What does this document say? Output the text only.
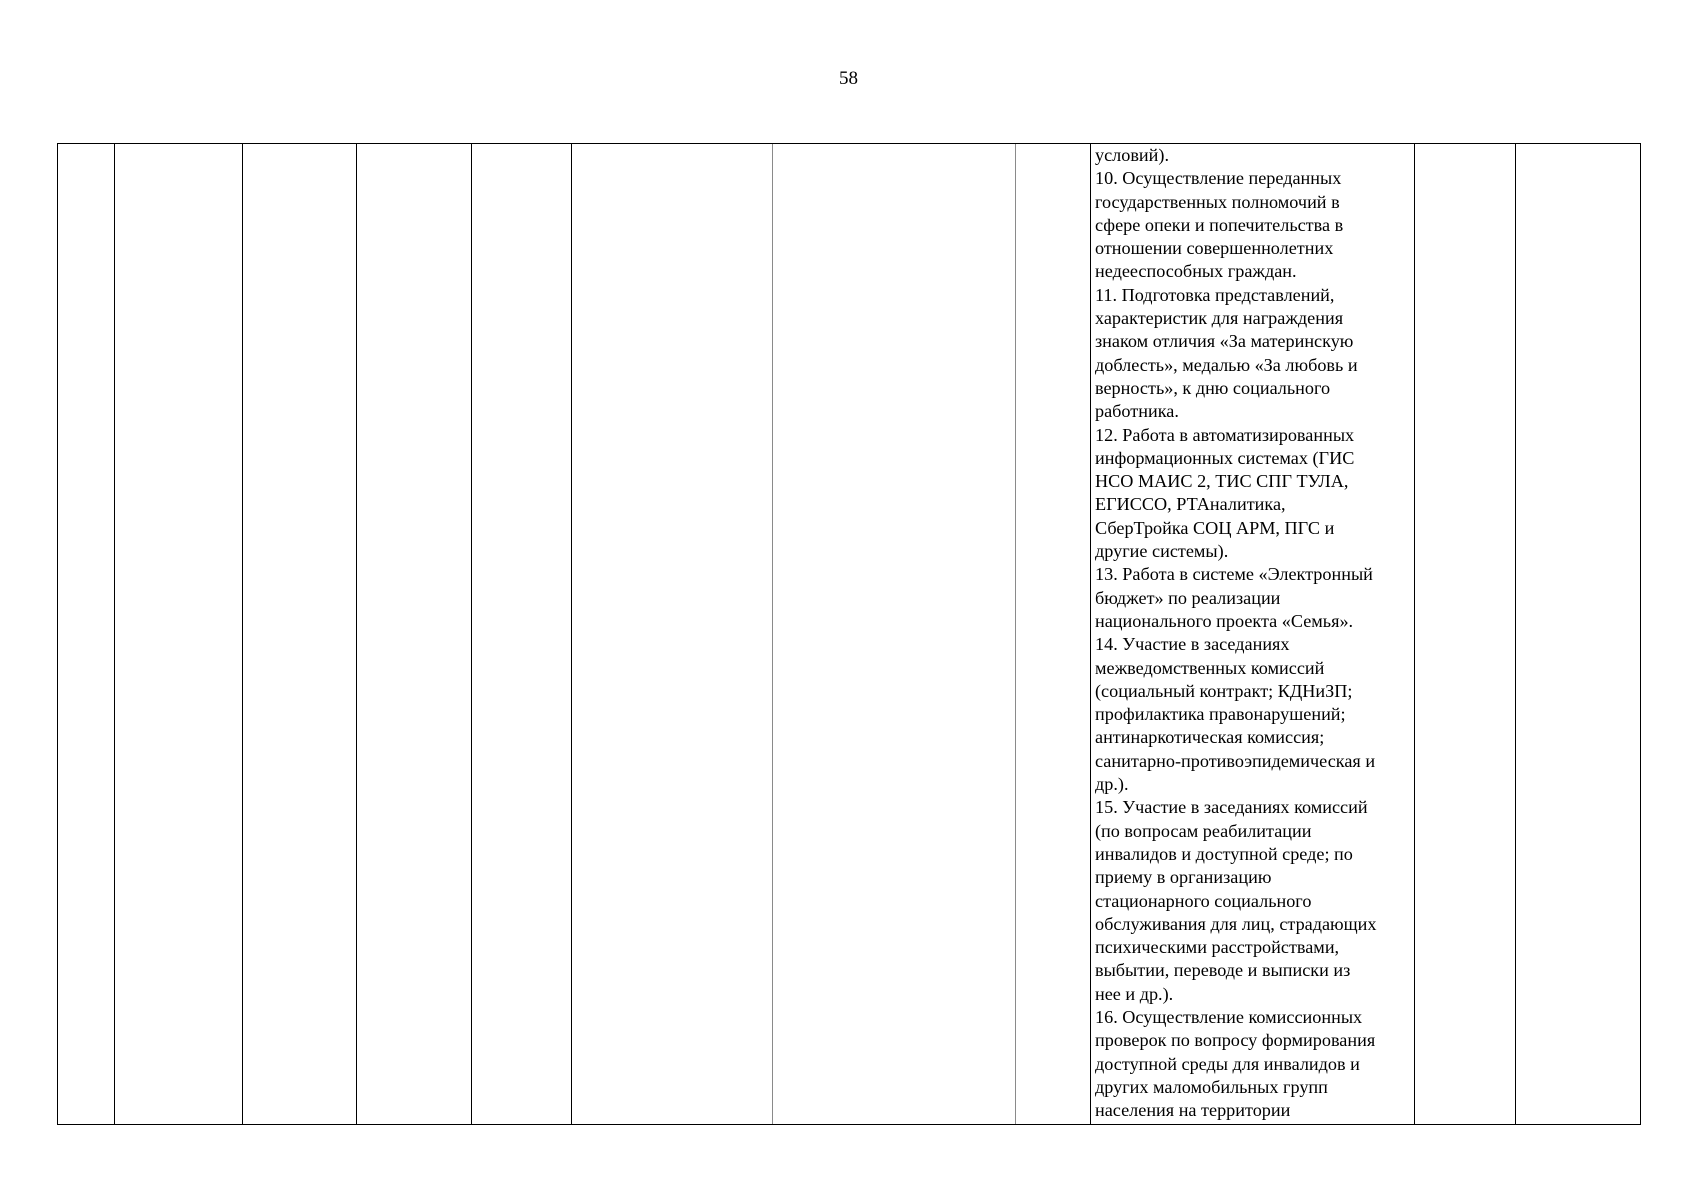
58
условий).
10. Осуществление переданных
государственных полномочий в
сфере опеки и попечительства в
отношении совершеннолетних
недееспособных граждан.
11. Подготовка представлений,
характеристик для награждения
знаком отличия «За материнскую
доблесть», медалью «За любовь и
верность», к дню социального
работника.
12. Работа в автоматизированных
информационных системах (ГИС
НСО МАИС 2, ТИС СПГ ТУЛА,
ЕГИССО, РТАналитика,
СберТройка СОЦ АРМ, ПГС и
другие системы).
13. Работа в системе «Электронный
бюджет» по реализации
национального проекта «Семья».
14. Участие в заседаниях
межведомственных комиссий
(социальный контракт; КДНиЗП;
профилактика правонарушений;
антинаркотическая комиссия;
санитарно-противоэпидемическая и
др.).
15. Участие в заседаниях комиссий
(по вопросам реабилитации
инвалидов и доступной среде; по
приему в организацию
стационарного социального
обслуживания для лиц, страдающих
психическими расстройствами,
выбытии, переводе и выписки из
нее и др.).
16. Осуществление комиссионных
проверок по вопросу формирования
доступной среды для инвалидов и
других маломобильных групп
населения на территории
